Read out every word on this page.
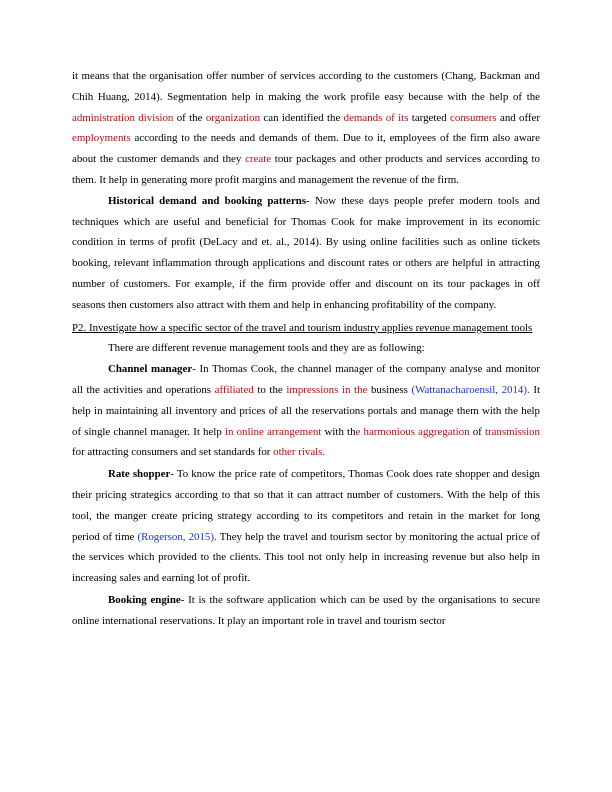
it means that the organisation offer number of services according to the customers (Chang, Backman and Chih Huang, 2014). Segmentation help in making the work profile easy because with the help of the administration division of the organization can identified the demands of its targeted consumers and offer employments according to the needs and demands of them. Due to it, employees of the firm also aware about the customer demands and they create tour packages and other products and services according to them. It help in generating more profit margins and management the revenue of the firm.

Historical demand and booking patterns- Now these days people prefer modern tools and techniques which are useful and beneficial for Thomas Cook for make improvement in its economic condition in terms of profit (DeLacy and et. al., 2014). By using online facilities such as online tickets booking, relevant inflammation through applications and discount rates or others are helpful in attracting number of customers. For example, if the firm provide offer and discount on its tour packages in off seasons then customers also attract with them and help in enhancing profitability of the company.

P2. Investigate how a specific sector of the travel and tourism industry applies revenue management tools

There are different revenue management tools and they are as following:

Channel manager- In Thomas Cook, the channel manager of the company analyse and monitor all the activities and operations affiliated to the impressions in the business (Wattanacharoensil, 2014). It help in maintaining all inventory and prices of all the reservations portals and manage them with the help of single channel manager. It help in online arrangement with the harmonious aggregation of transmission for attracting consumers and set standards for other rivals.

Rate shopper- To know the price rate of competitors, Thomas Cook does rate shopper and design their pricing strategics according to that so that it can attract number of customers. With the help of this tool, the manger create pricing strategy according to its competitors and retain in the market for long period of time (Rogerson, 2015). They help the travel and tourism sector by monitoring the actual price of the services which provided to the clients. This tool not only help in increasing revenue but also help in increasing sales and earning lot of profit.

Booking engine- It is the software application which can be used by the organisations to secure online international reservations. It play an important role in travel and tourism sector
